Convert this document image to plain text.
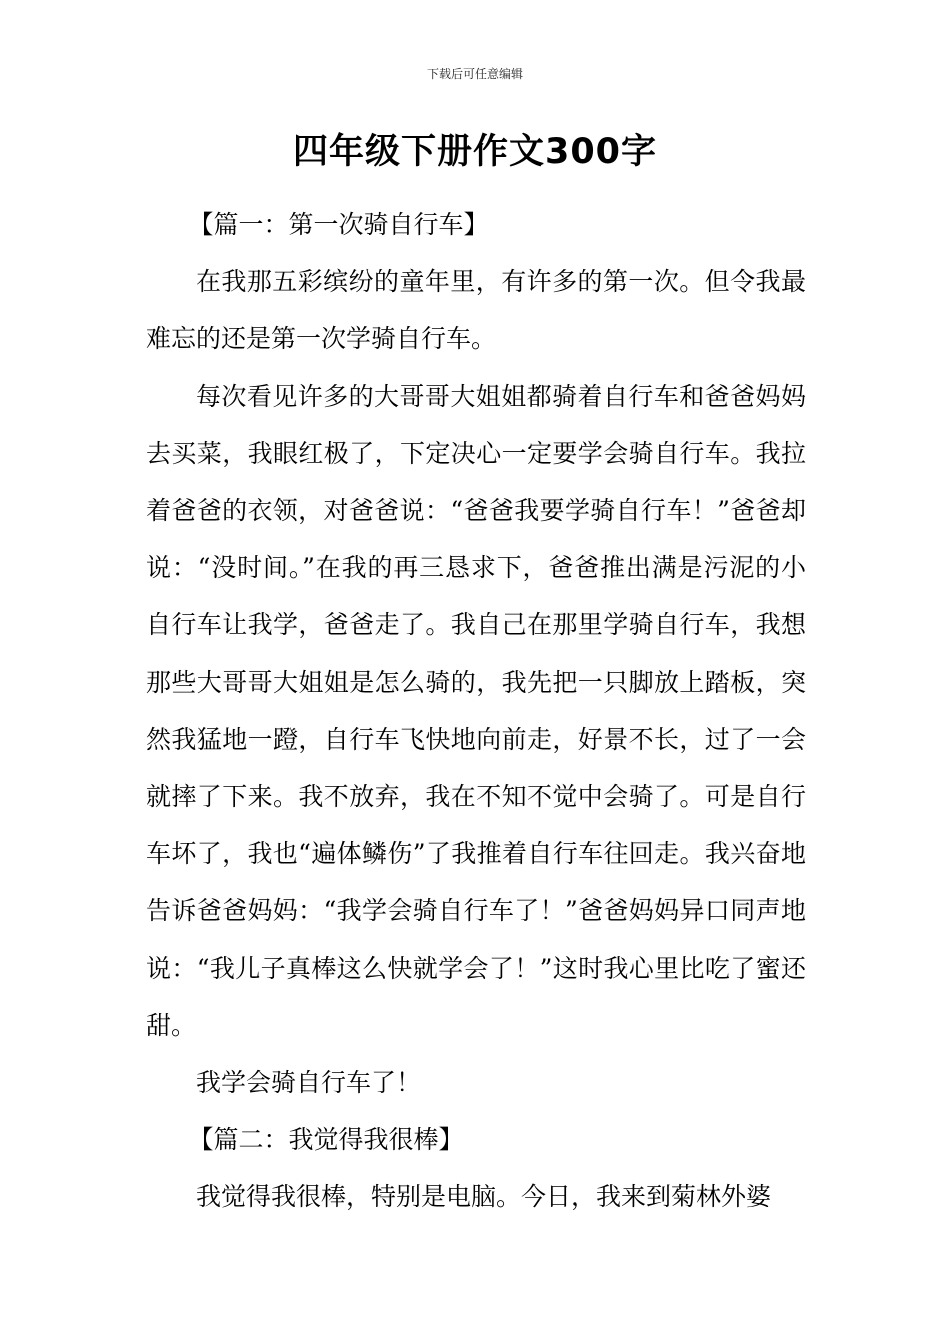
下载后可任意编辑
四年级下册作文300字

【篇一：第一次骑自行车】

在我那五彩缤纷的童年里，有许多的第一次。但令我最难忘的还是第一次学骑自行车。

每次看见许多的大哥哥大姐姐都骑着自行车和爸爸妈妈去买菜，我眼红极了，下定决心一定要学会骑自行车。我拉着爸爸的衣领，对爸爸说：“爸爸我要学骑自行车！”爸爸却说：“没时间。”在我的再三恳求下，爸爸推出满是污泥的小自行车让我学，爸爸走了。我自己在那里学骑自行车，我想那些大哥哥大姐姐是怎么骑的，我先把一只脚放上踏板，突然我猛地一蹬，自行车飞快地向前走，好景不长，过了一会就摔了下来。我不放弃，我在不知不觉中会骑了。可是自行车坏了，我也“遍体鳞伤”了我推着自行车往回走。我兴奋地告诉爸爸妈妈：“我学会骑自行车了！”爸爸妈妈异口同声地说：“我儿子真棒这么快就学会了！”这时我心里比吃了蜜还甜。

我学会骑自行车了！

【篇二：我觉得我很棒】

我觉得我很棒，特别是电脑。今日，我来到菊林外婆
